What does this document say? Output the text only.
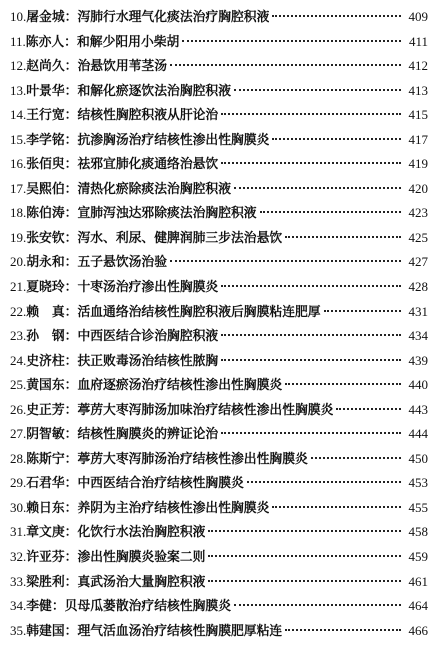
10. 屠金城： 泻肺行水理气化痰法治疗胸腔积液	409
11. 陈亦人： 和解少阳用小柴胡	411
12. 赵尚久： 治悬饮用苇茎汤	412
13. 叶景华： 和解化瘀逐饮法治胸腔积液	413
14. 王行宽： 结核性胸腔积液从肝论治	415
15. 李学铭： 抗渗胸汤治疗结核性渗出性胸膜炎	417
16. 张佰臾： 祛邪宜肺化痰通络治悬饮	419
17. 吴熙伯： 清热化瘀除痰法治胸腔积液	420
18. 陈伯涛： 宣肺泻浊达邪除痰法治胸腔积液	423
19. 张安钦： 泻水、利尿、健脾润肺三步法治悬饮	425
20. 胡永和： 五子悬饮汤治验	427
21. 夏晓玲： 十枣汤治疗渗出性胸膜炎	428
22. 赖　真： 活血通络治结核性胸腔积液后胸膜粘连肥厚	431
23. 孙　钢： 中西医结合诊治胸腔积液	434
24. 史济柱： 扶正败毒汤治结核性脓胸	439
25. 黄国东： 血府逐瘀汤治疗结核性渗出性胸膜炎	440
26. 史正芳： 葶苈大枣泻肺汤加味治疗结核性渗出性胸膜炎	443
27. 阴智敏： 结核性胸膜炎的辨证论治	444
28. 陈斯宁： 葶苈大枣泻肺汤治疗结核性渗出性胸膜炎	450
29. 石君华： 中西医结合治疗结核性胸膜炎	453
30. 赖日东： 养阴为主治疗结核性渗出性胸膜炎	455
31. 章文庚： 化饮行水法治胸腔积液	458
32. 许亚芬： 渗出性胸膜炎验案二则	459
33. 梁胜利： 真武汤治大量胸腔积液	461
34. 李健： 贝母瓜蒌散治疗结核性胸膜炎	464
35. 韩建国： 理气活血汤治疗结核性胸膜肥厚粘连	466
